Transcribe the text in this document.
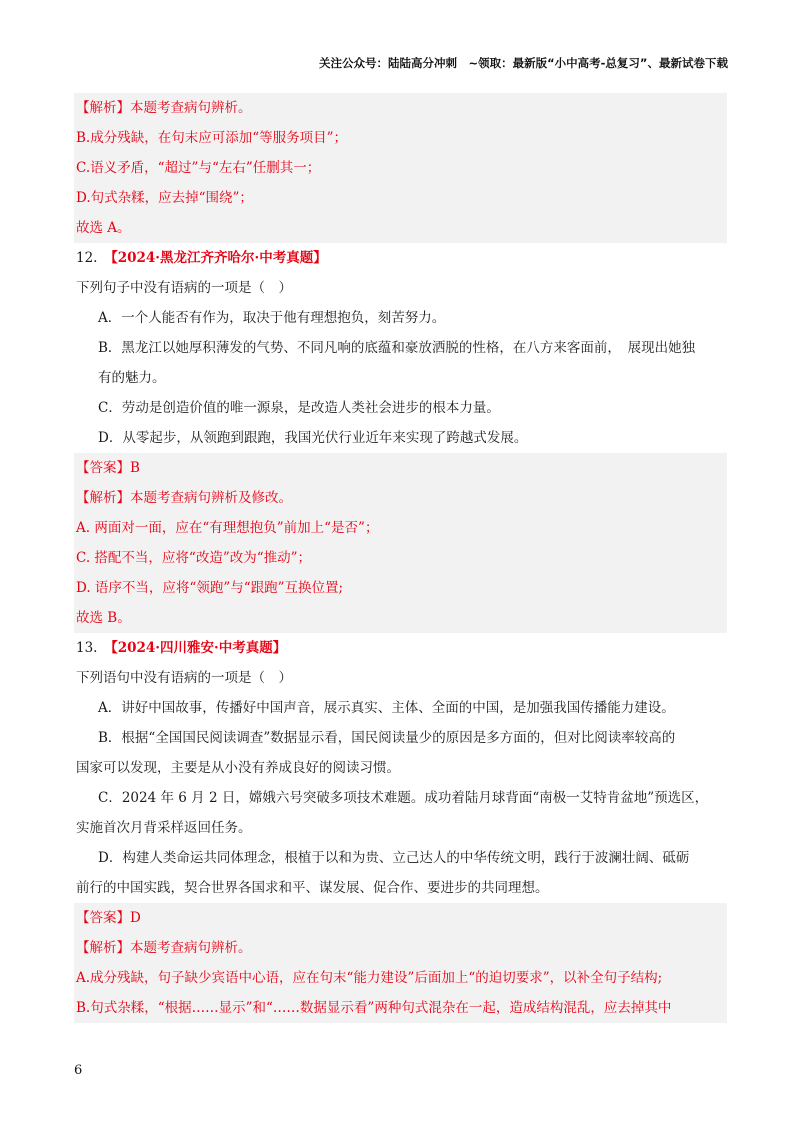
关注公众号：陆陆高分冲刺　~领取：最新版“小中高考-总复习”、最新试卷下载
【解析】本题考查病句辨析。
B.成分残缺，在句末应可添加“等服务项目”；
C.语义矛盾，“超过”与“左右”任删其一；
D.句式杂糅，应去掉“围绕”；
故选 A。
12.　【2024·黑龙江齐齐哈尔·中考真题】
下列句子中没有语病的一项是（　）
A．一个人能否有作为，取决于他有理想抱负，刻苦努力。
B．黑龙江以她厚积薄发的气势、不同凡响的底蕴和豪放洒脱的性格，在八方来客面前，　展现出她独
有的魅力。
C．劳动是创造价值的唯一源泉，是改造人类社会进步的根本力量。
D．从零起步，从领跑到跟跑，我国光伏行业近年来实现了跨越式发展。
【答案】B
【解析】本题考查病句辨析及修改。
A. 两面对一面，应在“有理想抱负”前加上“是否”；
C. 搭配不当，应将“改造”改为“推动”；
D. 语序不当，应将“领跑”与“跟跑”互换位置;
故选 B。
13.　【2024·四川雅安·中考真题】
下列语句中没有语病的一项是（　）
A．讲好中国故事，传播好中国声音，展示真实、主体、全面的中国，是加强我国传播能力建设。
B．根据“全国国民阅读调查”数据显示看，国民阅读量少的原因是多方面的，但对比阅读率较高的
国家可以发现，主要是从小没有养成良好的阅读习惯。
C．2024 年 6 月 2 日，嫦娥六号突破多项技术难题。成功着陆月球背面“南极一艾特肯盆地”预选区，
实施首次月背采样返回任务。
D．构建人类命运共同体理念，根植于以和为贵、立己达人的中华传统文明，践行于波澜壮阔、砥砺
前行的中国实践，契合世界各国求和平、谋发展、促合作、要进步的共同理想。
【答案】D
【解析】本题考查病句辨析。
A.成分残缺，句子缺少宾语中心语，应在句末“能力建设”后面加上“的迫切要求”，以补全句子结构;
B.句式杂糅，“根据……显示”和“……数据显示看”两种句式混杂在一起，造成结构混乱，应去掉其中
6
